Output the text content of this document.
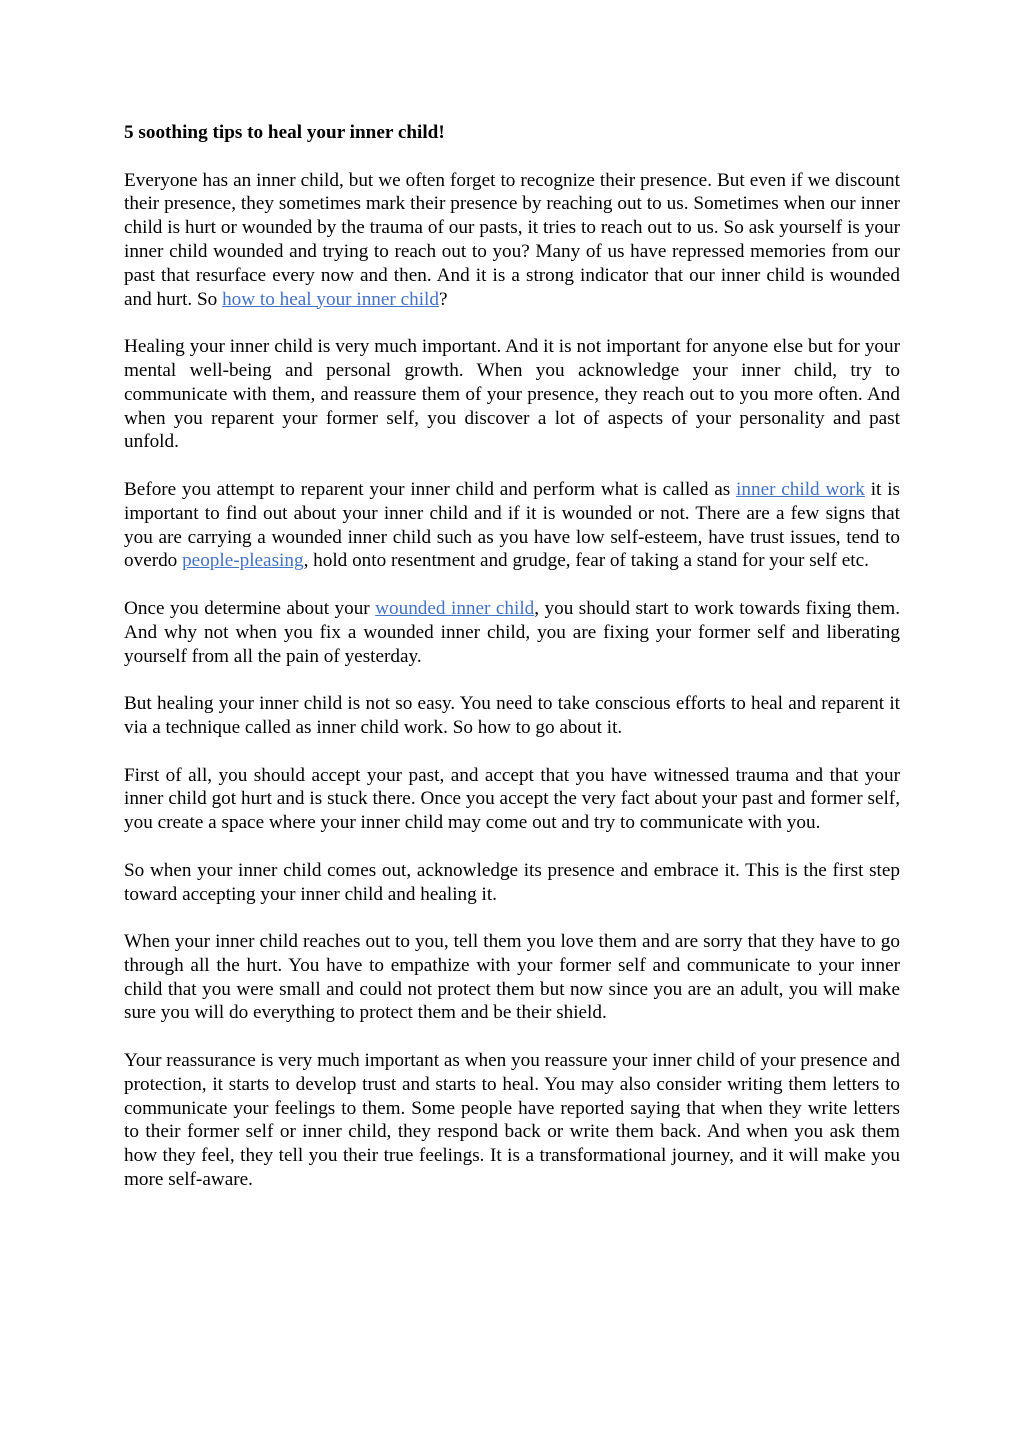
5 soothing tips to heal your inner child!

Everyone has an inner child, but we often forget to recognize their presence. But even if we discount their presence, they sometimes mark their presence by reaching out to us. Sometimes when our inner child is hurt or wounded by the trauma of our pasts, it tries to reach out to us. So ask yourself is your inner child wounded and trying to reach out to you? Many of us have repressed memories from our past that resurface every now and then. And it is a strong indicator that our inner child is wounded and hurt. So how to heal your inner child?

Healing your inner child is very much important. And it is not important for anyone else but for your mental well-being and personal growth. When you acknowledge your inner child, try to communicate with them, and reassure them of your presence, they reach out to you more often. And when you reparent your former self, you discover a lot of aspects of your personality and past unfold.

Before you attempt to reparent your inner child and perform what is called as inner child work it is important to find out about your inner child and if it is wounded or not. There are a few signs that you are carrying a wounded inner child such as you have low self-esteem, have trust issues, tend to overdo people-pleasing, hold onto resentment and grudge, fear of taking a stand for your self etc.

Once you determine about your wounded inner child, you should start to work towards fixing them. And why not when you fix a wounded inner child, you are fixing your former self and liberating yourself from all the pain of yesterday.

But healing your inner child is not so easy. You need to take conscious efforts to heal and reparent it via a technique called as inner child work. So how to go about it.

First of all, you should accept your past, and accept that you have witnessed trauma and that your inner child got hurt and is stuck there. Once you accept the very fact about your past and former self, you create a space where your inner child may come out and try to communicate with you.

So when your inner child comes out, acknowledge its presence and embrace it. This is the first step toward accepting your inner child and healing it.

When your inner child reaches out to you, tell them you love them and are sorry that they have to go through all the hurt. You have to empathize with your former self and communicate to your inner child that you were small and could not protect them but now since you are an adult, you will make sure you will do everything to protect them and be their shield.

Your reassurance is very much important as when you reassure your inner child of your presence and protection, it starts to develop trust and starts to heal. You may also consider writing them letters to communicate your feelings to them. Some people have reported saying that when they write letters to their former self or inner child, they respond back or write them back. And when you ask them how they feel, they tell you their true feelings. It is a transformational journey, and it will make you more self-aware.
